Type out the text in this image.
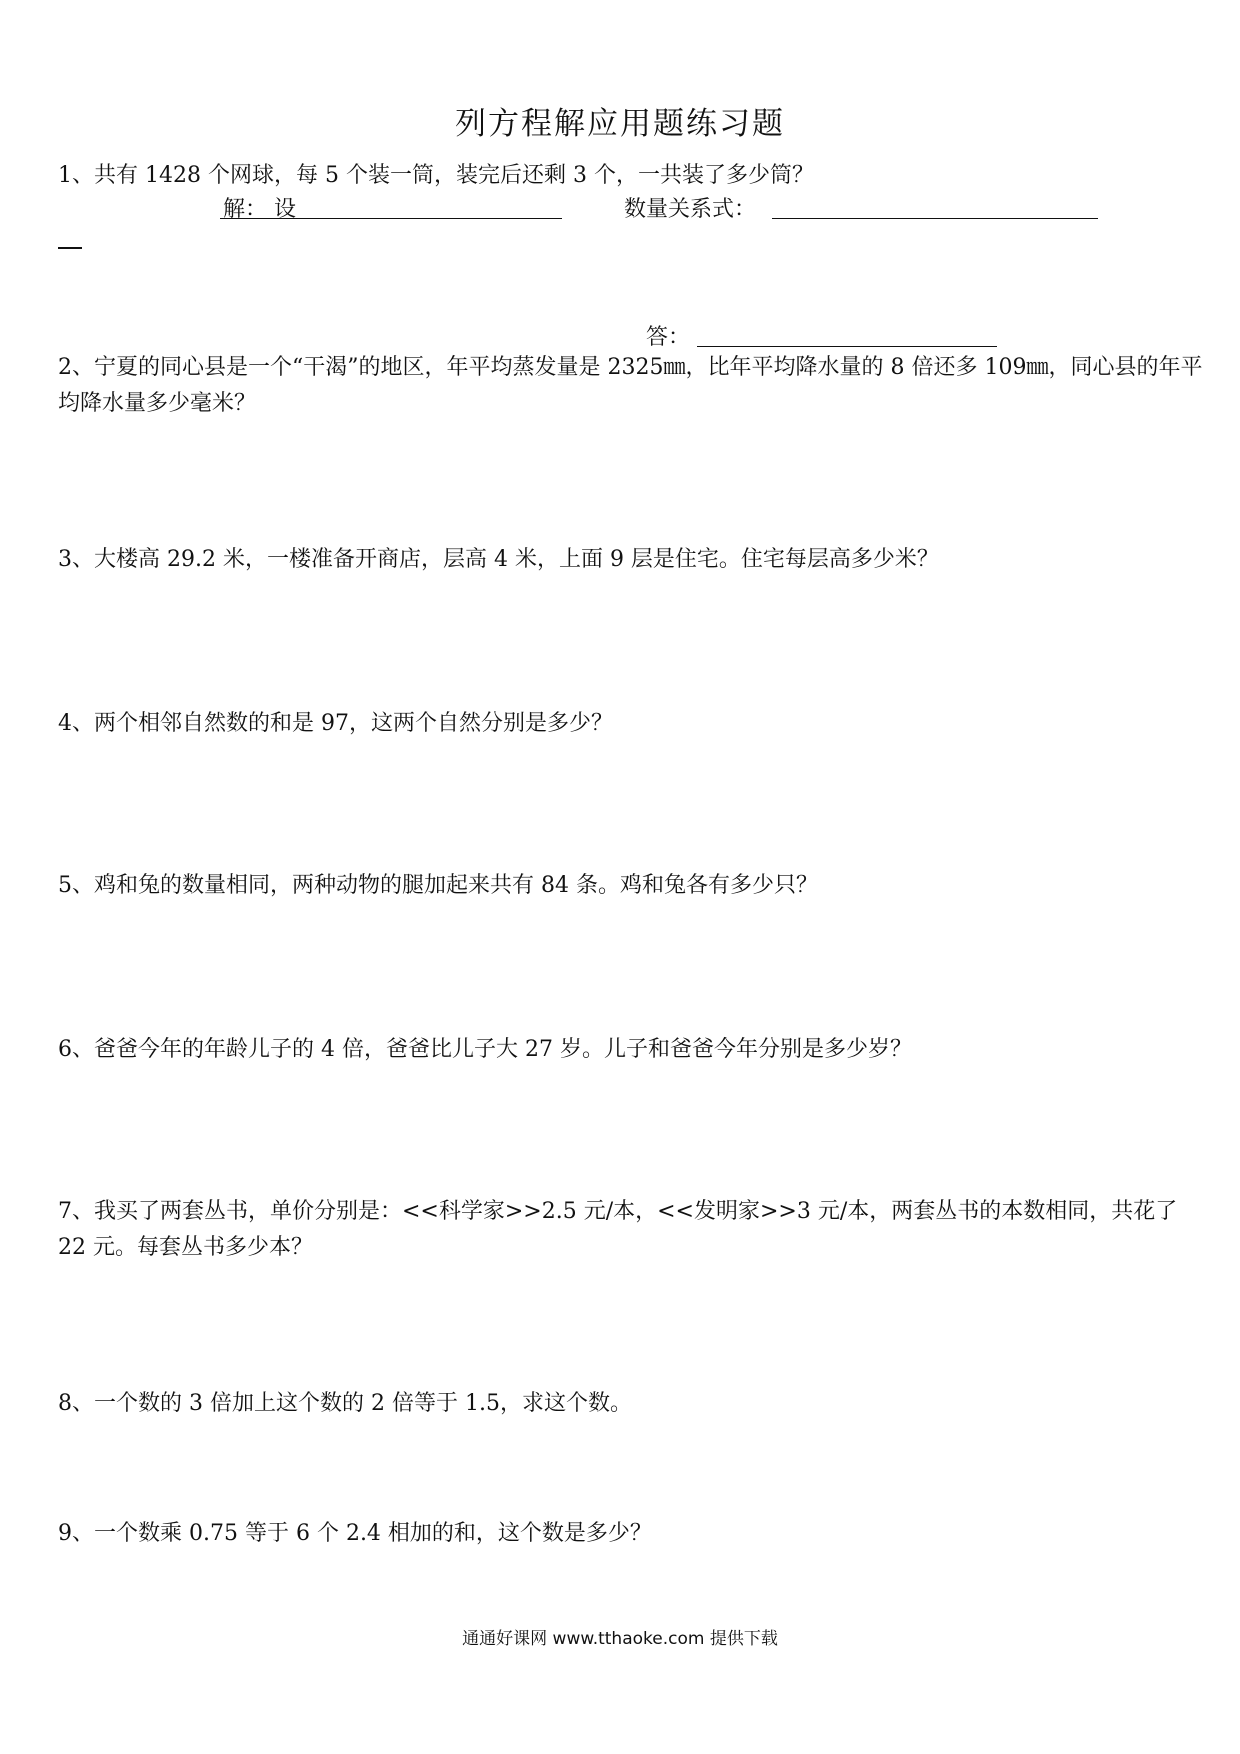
列方程解应用题练习题
1、共有 1428 个网球，每 5 个装一筒，装完后还剩 3 个，一共装了多少筒？
解： 设	数量关系式：
答：
2、宁夏的同心县是一个“干渴”的地区，年平均蒸发量是 2325㎜，比年平均降水量的 8 倍还多 109㎜，同心县的年平均降水量多少毫米？
3、大楼高 29.2 米，一楼准备开商店，层高 4 米，上面 9 层是住宅。住宅每层高多少米？
4、两个相邻自然数的和是 97，这两个自然分别是多少？
5、鸡和兔的数量相同，两种动物的腿加起来共有 84 条。鸡和兔各有多少只？
6、爸爸今年的年龄儿子的 4 倍，爸爸比儿子大 27 岁。儿子和爸爸今年分别是多少岁？
7、我买了两套丛书，单价分别是：<<科学家>>2.5 元/本，<<发明家>>3 元/本，两套丛书的本数相同，共花了 22 元。每套丛书多少本？
8、一个数的 3 倍加上这个数的 2 倍等于 1.5，求这个数。
9、一个数乘 0.75 等于 6 个 2.4 相加的和，这个数是多少？
通通好课网 www.tthaoke.com 提供下载
